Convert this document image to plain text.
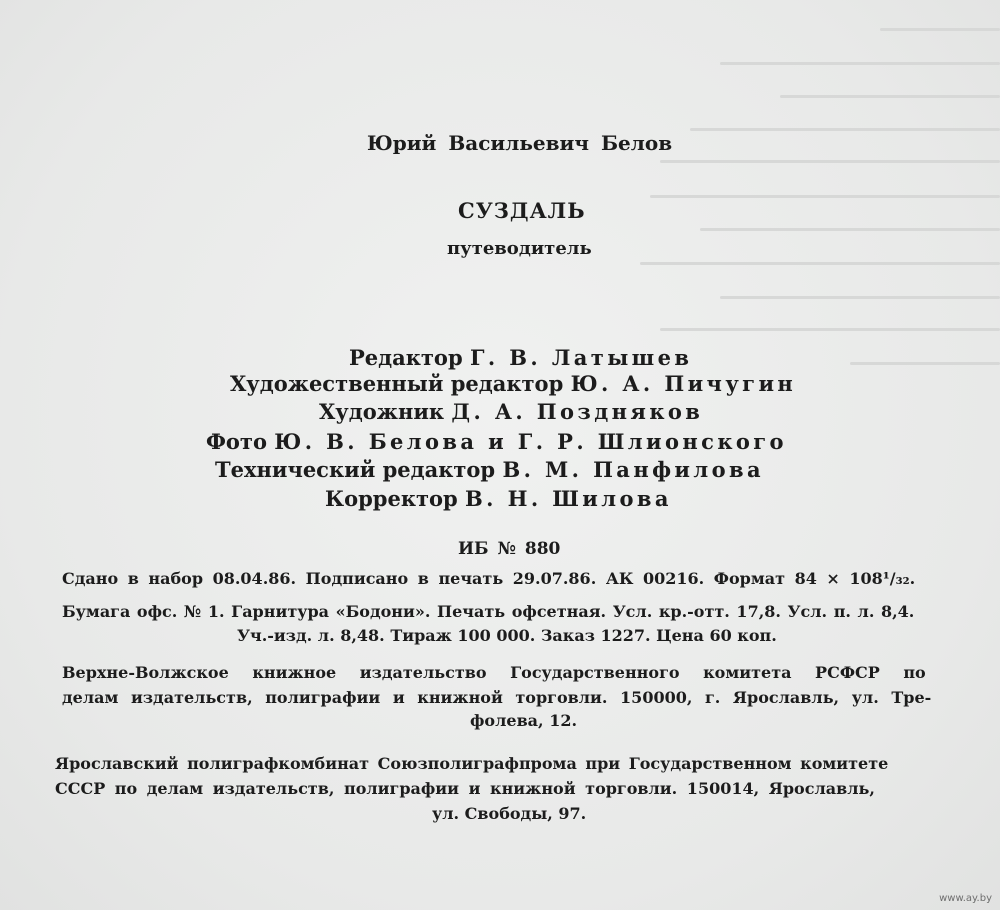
Юрий Васильевич Белов
СУЗДАЛЬ
путеводитель
Редактор Г. В. Латышев
Художественный редактор Ю. А. Пичугин
Художник Д. А. Поздняков
Фото Ю. В. Белова и Г. Р. Шлионского
Технический редактор В. М. Панфилова
Корректор В. Н. Шилова
ИБ № 880
Сдано в набор 08.04.86. Подписано в печать 29.07.86. АК 00216. Формат 84 × 108¹/₃₂.
Бумага офс. № 1. Гарнитура «Бодони». Печать офсетная. Усл. кр.-отт. 17,8. Усл. п. л. 8,4.
Уч.-изд. л. 8,48. Тираж 100 000. Заказ 1227. Цена 60 коп.
Верхне-Волжское книжное издательство Государственного комитета РСФСР по
делам издательств, полиграфии и книжной торговли. 150000, г. Ярославль, ул. Тре-
фолева, 12.
Ярославский полиграфкомбинат Союзполиграфпрома при Государственном комитете
СССР по делам издательств, полиграфии и книжной торговли. 150014, Ярославль,
ул. Свободы, 97.
www.ay.by
